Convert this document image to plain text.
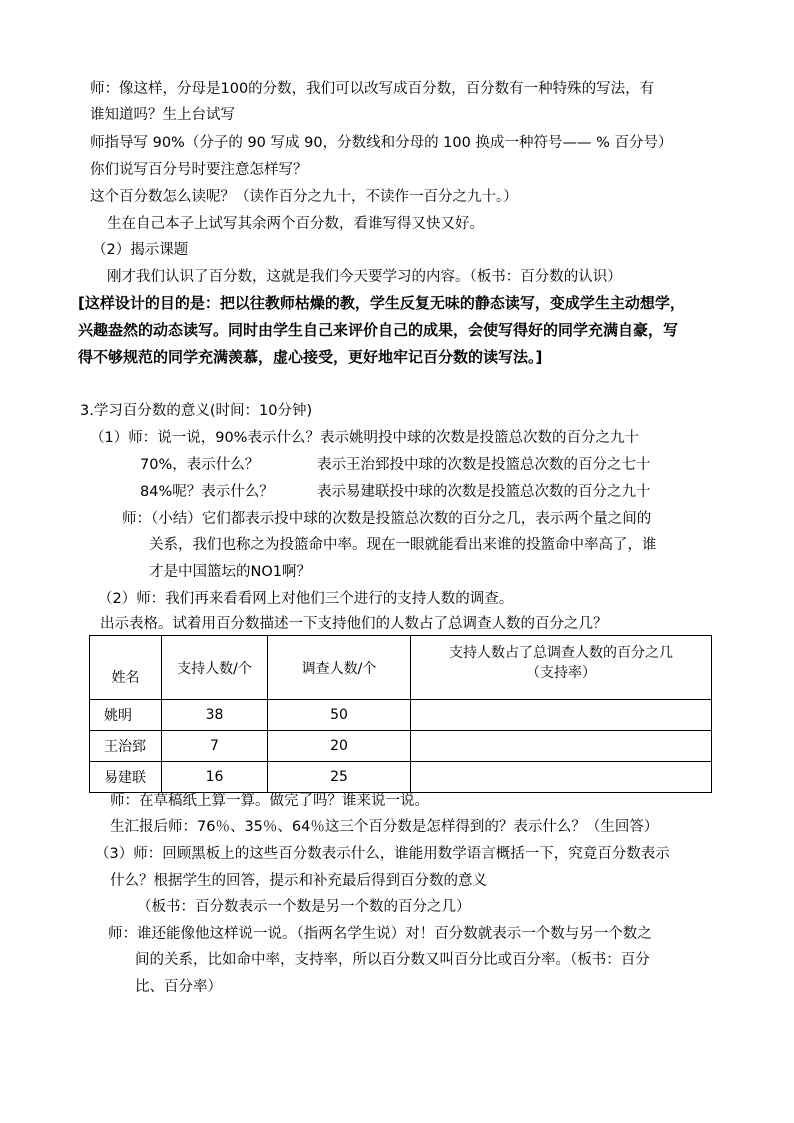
师：像这样，分母是100的分数，我们可以改写成百分数，百分数有一种特殊的写法，有
谁知道吗？生上台试写
师指导写 90%（分子的 90 写成 90，分数线和分母的 100 换成一种符号—— % 百分号）
你们说写百分号时要注意怎样写？
这个百分数怎么读呢？（读作百分之九十，不读作一百分之九十。）
生在自己本子上试写其余两个百分数，看谁写得又快又好。
（2）揭示课题
刚才我们认识了百分数，这就是我们今天要学习的内容。（板书：百分数的认识）
[这样设计的目的是：把以往教师枯燥的教，学生反复无味的静态读写，变成学生主动想学，
兴趣盎然的动态读写。同时由学生自己来评价自己的成果，会使写得好的同学充满自豪，写
得不够规范的同学充满羡慕，虚心接受，更好地牢记百分数的读写法。]
3.学习百分数的意义(时间：10分钟)
（1）师：说一说，90%表示什么？表示姚明投中球的次数是投篮总次数的百分之九十
70%，表示什么？	表示王治郅投中球的次数是投篮总次数的百分之七十
84%呢？表示什么？	表示易建联投中球的次数是投篮总次数的百分之九十
师：（小结）它们都表示投中球的次数是投篮总次数的百分之几，表示两个量之间的
关系，我们也称之为投篮命中率。现在一眼就能看出来谁的投篮命中率高了，谁
才是中国篮坛的NO1啊？
（2）师：我们再来看看网上对他们三个进行的支持人数的调查。
出示表格。试着用百分数描述一下支持他们的人数占了总调查人数的百分之几？
姓名	支持人数/个	调查人数/个	支持人数占了总调查人数的百分之几
（支持率）

姚明	38	50	
王治郅	7	20	
易建联	16	25	
师：在草稿纸上算一算。做完了吗？谁来说一说。
生汇报后师：76％、35％、64％这三个百分数是怎样得到的？表示什么？（生回答）
（3）师：回顾黑板上的这些百分数表示什么，谁能用数学语言概括一下，究竟百分数表示
什么？根据学生的回答，提示和补充最后得到百分数的意义
（板书：百分数表示一个数是另一个数的百分之几）
师：谁还能像他这样说一说。（指两名学生说）对！百分数就表示一个数与另一个数之
间的关系，比如命中率，支持率，所以百分数又叫百分比或百分率。（板书：百分
比、百分率）
